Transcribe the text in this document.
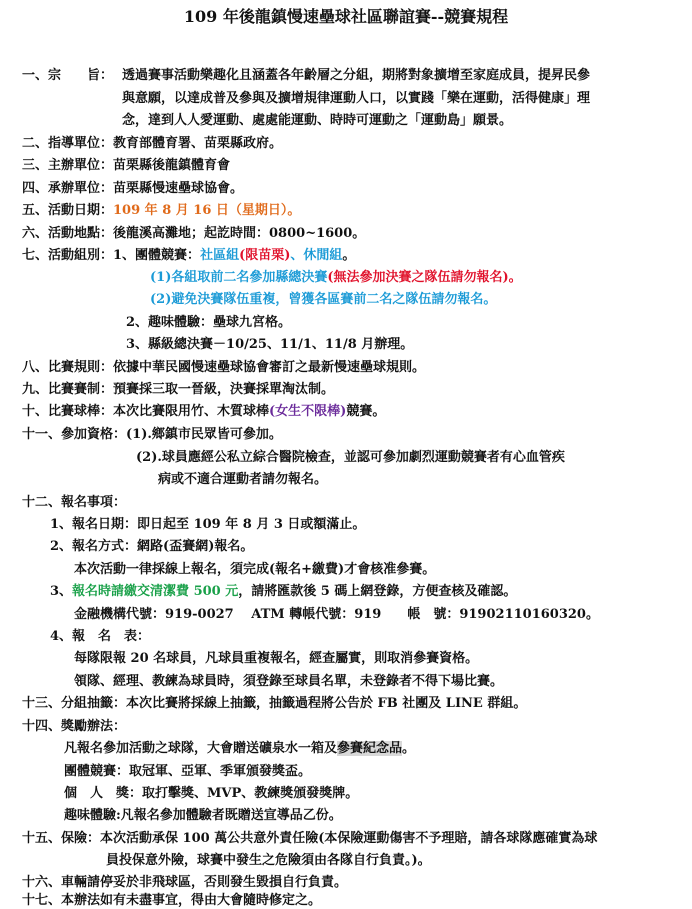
109 年後龍鎮慢速壘球社區聯誼賽--競賽規程
一、宗　　旨： 透過賽事活動樂趣化且涵蓋各年齡層之分組，期將對象擴增至家庭成員，提昇民參
與意願，以達成普及參與及擴增規律運動人口，以實踐「樂在運動，活得健康」理
念，達到人人愛運動、處處能運動、時時可運動之「運動島」願景。
二、指導單位：教育部體育署、苗栗縣政府。
三、主辦單位：苗栗縣後龍鎮體育會
四、承辦單位：苗栗縣慢速壘球協會。
五、活動日期：109 年 8 月 16 日（星期日）。
六、活動地點：後龍溪高灘地；起訖時間：0800~1600。
七、活動組別：1、團體競賽：社區組(限苗栗)、休閒組。
(1)各組取前二名參加縣總決賽(無法參加決賽之隊伍請勿報名)。
(2)避免決賽隊伍重複，曾獲各區賽前二名之隊伍請勿報名。
2、趣味體驗：壘球九宮格。
3、縣級總決賽－10/25、11/1、11/8 月辦理。
八、比賽規則：依據中華民國慢速壘球協會審訂之最新慢速壘球規則。
九、比賽賽制：預賽採三取一晉級，決賽採單淘汰制。
十、比賽球棒：本次比賽限用竹、木質球棒(女生不限棒)競賽。
十一、參加資格：(1).鄉鎮市民眾皆可參加。
(2).球員應經公私立綜合醫院檢查，並認可參加劇烈運動競賽者有心血管疾
病或不適合運動者請勿報名。
十二、報名事項：
1、報名日期：即日起至 109 年 8 月 3 日或額滿止。
2、報名方式：網路(盃賽網)報名。
本次活動一律採線上報名，須完成(報名+繳費)才會核准參賽。
3、報名時請繳交清潔費 500 元，請將匯款後 5 碼上網登錄，方便查核及確認。
金融機構代號：919-0027　 ATM 轉帳代號：919　　帳　號：91902110160320。
4、報　名　表：
每隊限報 20 名球員，凡球員重複報名，經查屬實，則取消參賽資格。
領隊、經理、教練為球員時，須登錄至球員名單，未登錄者不得下場比賽。
十三、分組抽籤：本次比賽將採線上抽籤，抽籤過程將公告於 FB 社團及 LINE 群組。
十四、獎勵辦法：
凡報名參加活動之球隊，大會贈送礦泉水一箱及參賽紀念品。
團體競賽：取冠軍、亞軍、季軍頒發獎盃。
個　人　獎：取打擊獎、MVP、教練獎頒發獎牌。
趣味體驗:凡報名參加體驗者既贈送宣導品乙份。
十五、保險：本次活動承保 100 萬公共意外責任險(本保險運動傷害不予理賠，請各球隊應確實為球
員投保意外險，球賽中發生之危險須由各隊自行負責。)。
十六、車輛請停妥於非飛球區，否則發生毀損自行負責。
十七、本辦法如有未盡事宜，得由大會隨時修定之。
